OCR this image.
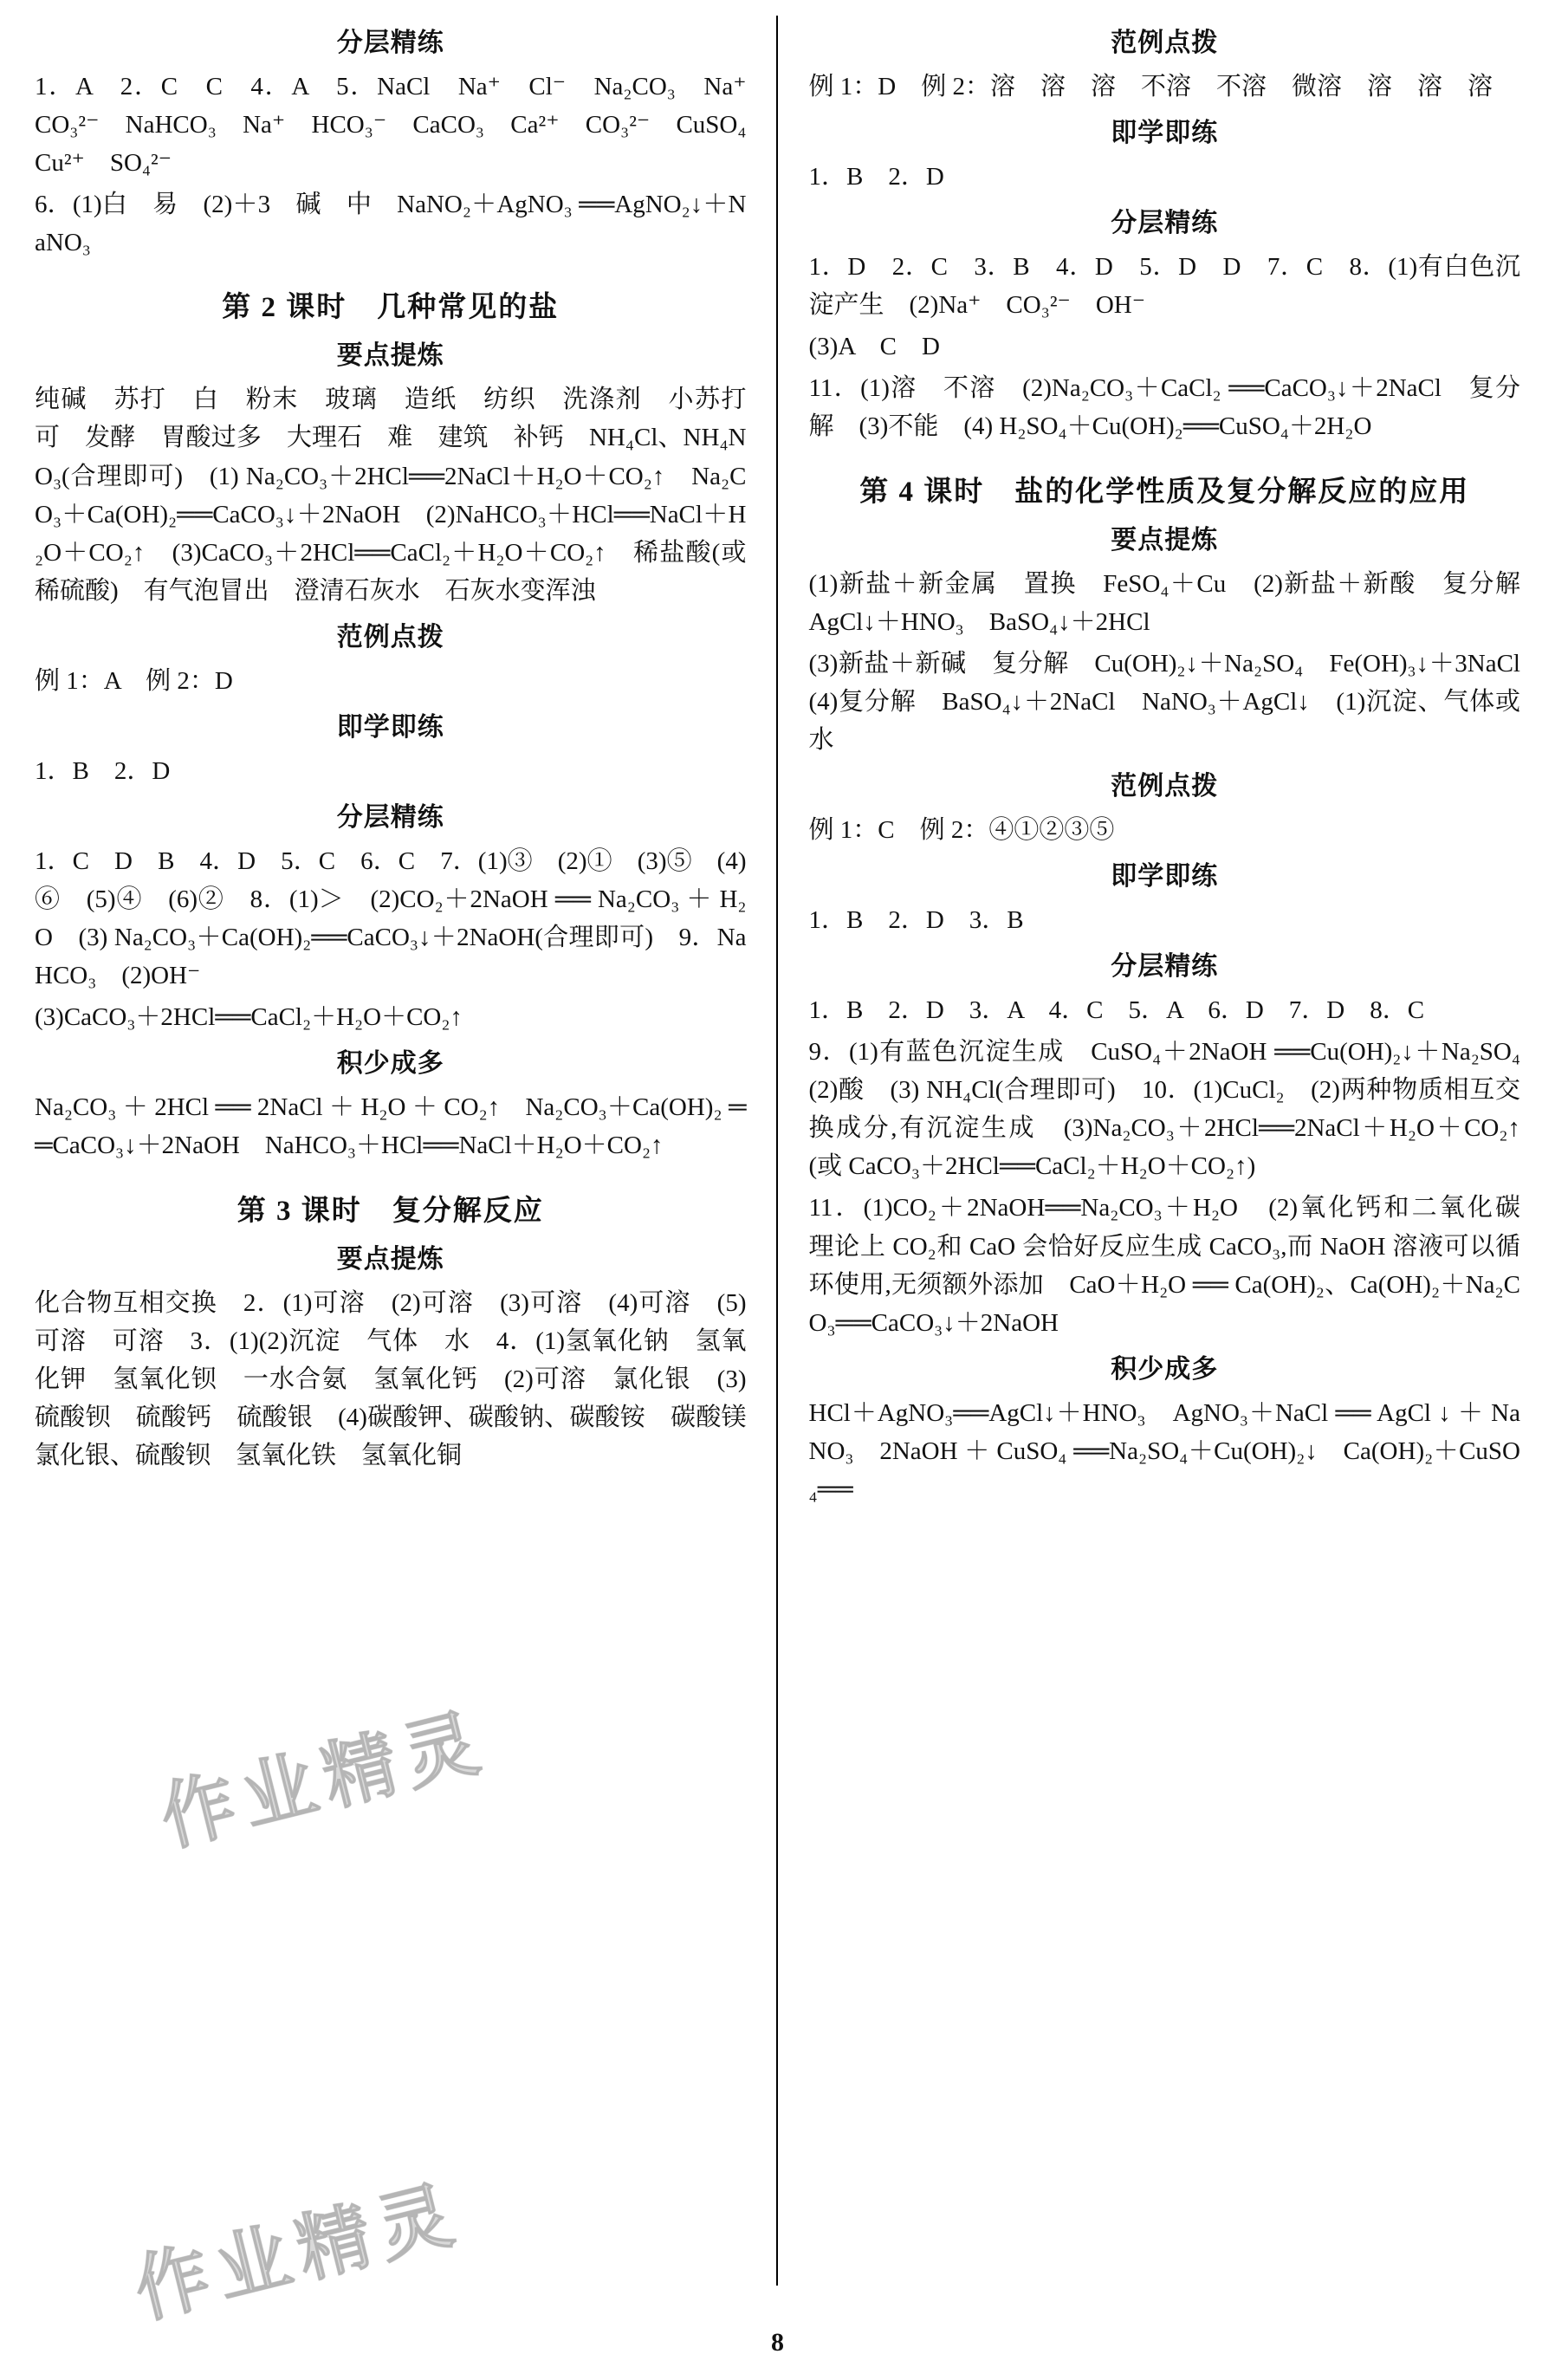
分层精练
1．A　2．C　C　4．A　5．NaCl　Na⁺　Cl⁻　Na₂CO₃　Na⁺　CO₃²⁻　NaHCO₃　Na⁺　HCO₃⁻　CaCO₃　Ca²⁺　CO₃²⁻　CuSO₄　Cu²⁺　SO₄²⁻
6．(1)白　易　(2)＋3　碱　中　NaNO₂＋AgNO₃ ══AgNO₂↓＋NaNO₃
第 2 课时　几种常见的盐
要点提炼
纯碱　苏打　白　粉末　玻璃　造纸　纺织　洗涤剂　小苏打　可　发酵　胃酸过多　大理石　难　建筑　补钙　NH₄Cl、NH₄NO₃(合理即可)　(1) Na₂CO₃＋2HCl══2NaCl＋H₂O＋CO₂↑　Na₂CO₃＋Ca(OH)₂══CaCO₃↓＋2NaOH　(2)NaHCO₃＋HCl══NaCl＋H₂O＋CO₂↑　(3)CaCO₃＋2HCl══CaCl₂＋H₂O＋CO₂↑　稀盐酸(或稀硫酸)　有气泡冒出　澄清石灰水　石灰水变浑浊
范例点拨
例 1：A　例 2：D
即学即练
1．B　2．D
分层精练
1．C　D　B　4．D　5．C　6．C　7．(1)③　(2)①　(3)⑤　(4)⑥　(5)④　(6)②　8．(1)＞　(2)CO₂＋2NaOH ══ Na₂CO₃ ＋ H₂O　(3) Na₂CO₃＋Ca(OH)₂══CaCO₃↓＋2NaOH(合理即可)　9．NaHCO₃　(2)OH⁻
(3)CaCO₃＋2HCl══CaCl₂＋H₂O＋CO₂↑
积少成多
Na₂CO₃ ＋ 2HCl ══ 2NaCl ＋ H₂O ＋ CO₂↑　Na₂CO₃＋Ca(OH)₂ ══CaCO₃↓＋2NaOH　NaHCO₃＋HCl══NaCl＋H₂O＋CO₂↑
第 3 课时　复分解反应
要点提炼
化合物互相交换　2．(1)可溶　(2)可溶　(3)可溶　(4)可溶　(5)可溶　可溶　3．(1)(2)沉淀　气体　水　4．(1)氢氧化钠　氢氧化钾　氢氧化钡　一水合氨　氢氧化钙　(2)可溶　氯化银　(3)硫酸钡　硫酸钙　硫酸银　(4)碳酸钾、碳酸钠、碳酸铵　碳酸镁　氯化银、硫酸钡　氢氧化铁　氢氧化铜
范例点拨
例 1：D　例 2：溶　溶　溶　不溶　不溶　微溶　溶　溶　溶
即学即练
1．B　2．D
分层精练
1．D　2．C　3．B　4．D　5．D　D　7．C　8．(1)有白色沉淀产生　(2)Na⁺　CO₃²⁻　OH⁻
(3)A　C　D
11．(1)溶　不溶　(2)Na₂CO₃＋CaCl₂ ══CaCO₃↓＋2NaCl　复分解　(3)不能　(4) H₂SO₄＋Cu(OH)₂══CuSO₄＋2H₂O
第 4 课时　盐的化学性质及复分解反应的应用
要点提炼
(1)新盐＋新金属　置换　FeSO₄＋Cu　(2)新盐＋新酸　复分解　AgCl↓＋HNO₃　BaSO₄↓＋2HCl
(3)新盐＋新碱　复分解　Cu(OH)₂↓＋Na₂SO₄　Fe(OH)₃↓＋3NaCl　(4)复分解　BaSO₄↓＋2NaCl　NaNO₃＋AgCl↓　(1)沉淀、气体或水
范例点拨
例 1：C　例 2：④①②③⑤
即学即练
1．B　2．D　3．B
分层精练
1．B　2．D　3．A　4．C　5．A　6．D　7．D　8．C
9．(1)有蓝色沉淀生成　CuSO₄＋2NaOH ══Cu(OH)₂↓＋Na₂SO₄　(2)酸　(3) NH₄Cl(合理即可)　10．(1)CuCl₂　(2)两种物质相互交换成分,有沉淀生成　(3)Na₂CO₃＋2HCl══2NaCl＋H₂O＋CO₂↑　(或 CaCO₃＋2HCl══CaCl₂＋H₂O＋CO₂↑)
11．(1)CO₂＋2NaOH══Na₂CO₃＋H₂O　(2)氧化钙和二氧化碳　理论上 CO₂和 CaO 会恰好反应生成 CaCO₃,而 NaOH 溶液可以循环使用,无须额外添加　CaO＋H₂O ══ Ca(OH)₂、Ca(OH)₂＋Na₂CO₃══CaCO₃↓＋2NaOH
积少成多
HCl＋AgNO₃══AgCl↓＋HNO₃　AgNO₃＋NaCl ══ AgCl ↓ ＋ NaNO₃　2NaOH ＋ CuSO₄ ══Na₂SO₄＋Cu(OH)₂↓　Ca(OH)₂＋CuSO₄══
作业精灵
作业精灵
8
